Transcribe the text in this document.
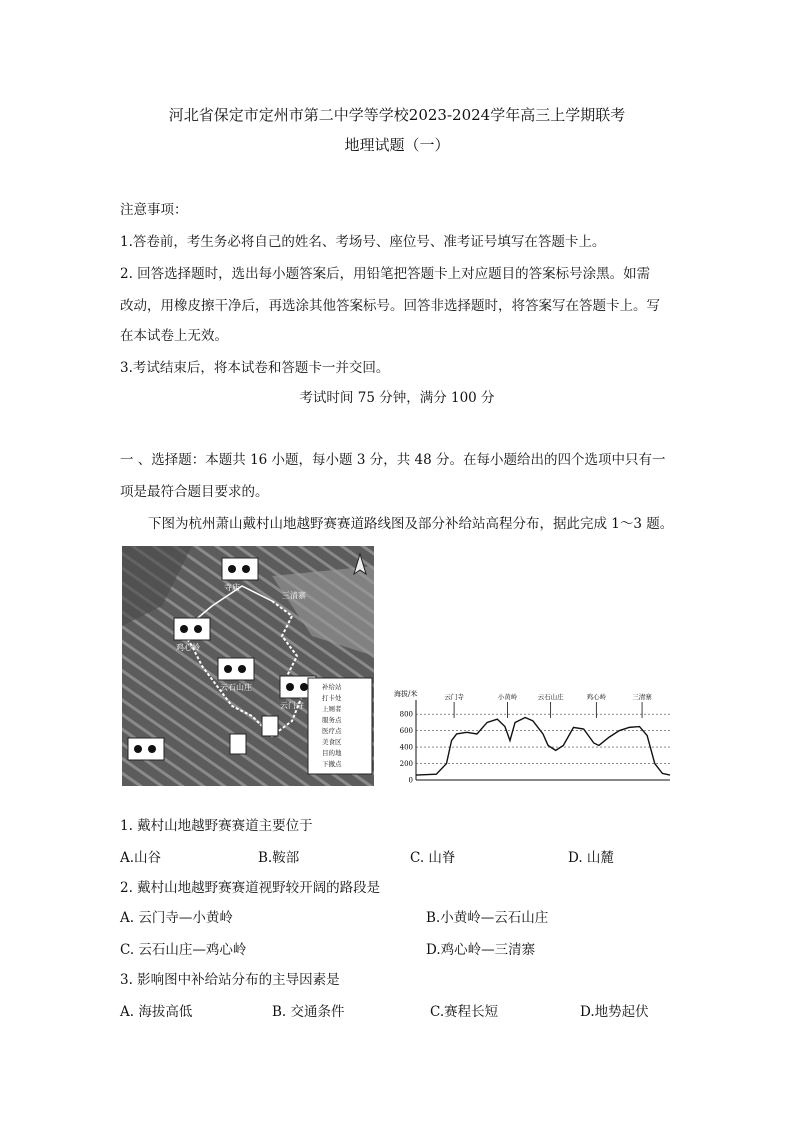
河北省保定市定州市第二中学等学校2023-2024学年高三上学期联考
地理试题（一）
注意事项：
1.答卷前，考生务必将自己的姓名、考场号、座位号、准考证号填写在答题卡上。
2. 回答选择题时，选出每小题答案后，用铅笔把答题卡上对应题目的答案标号涂黑。如需
改动，用橡皮擦干净后，再选涂其他答案标号。回答非选择题时，将答案写在答题卡上。写
在本试卷上无效。
3.考试结束后，将本试卷和答题卡一并交回。
考试时间 75 分钟，满分 100 分
一 、选择题：本题共 16 小题，每小题 3 分，共 48 分。在每小题给出的四个选项中只有一
项是最符合题目要求的。
下图为杭州萧山戴村山地越野赛赛道路线图及部分补给站高程分布，据此完成 1～3 题。
寺庙
三清寨
鸡心岭
云石山庄
云门寺
补给站
打卡处
上厕者
服务点
医疗点
美食区
目的地
下撤点
海拔/米
0
200
400
600
800
云门寺	小黄岭	云石山庄	鸡心岭	三清寨
1. 戴村山地越野赛赛道主要位于
A.山谷	B.鞍部	C. 山脊	D. 山麓
2. 戴村山地越野赛赛道视野较开阔的路段是
A. 云门寺—小黄岭	B.小黄岭—云石山庄
C. 云石山庄—鸡心岭	D.鸡心岭—三清寨
3. 影响图中补给站分布的主导因素是
A. 海拔高低	B. 交通条件	C.赛程长短	D.地势起伏
